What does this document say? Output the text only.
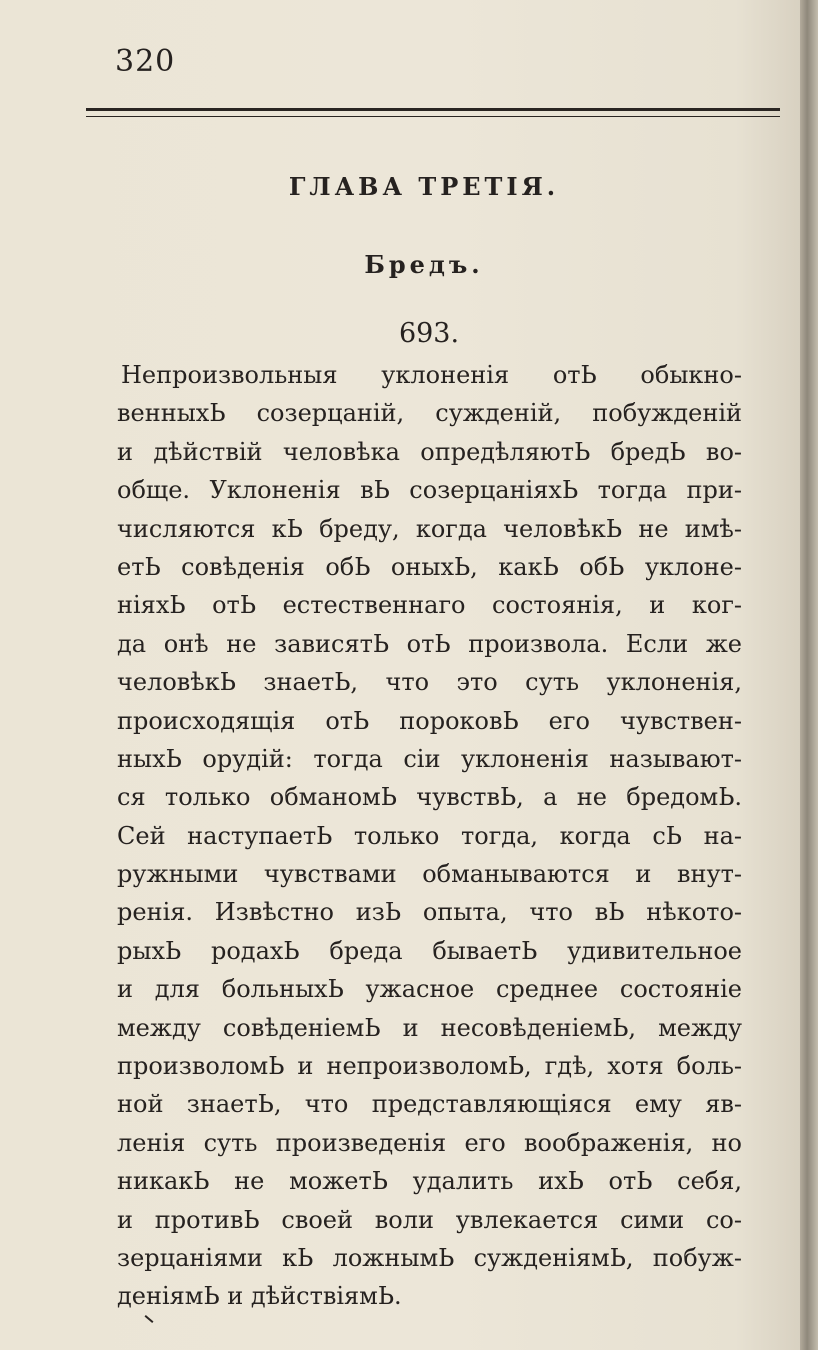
320
ГЛАВА ТРЕТІЯ.
Бредъ.
693.
Непроизвольныя уклоненія отЬ обыкно-
венныхЬ созерцаній, сужденій, побужденій
и дѣйствій человѣка опредѣляютЬ бредЬ во-
обще. Уклоненія вЬ созерцаніяхЬ тогда при-
числяются кЬ бреду, когда человѣкЬ не имѣ-
етЬ совѣденія обЬ оныхЬ, какЬ обЬ уклоне-
ніяхЬ отЬ естественнаго состоянія, и ког-
да онѣ не зависятЬ отЬ произвола. Если же
человѣкЬ знаетЬ, что это суть уклоненія,
происходящія отЬ пороковЬ его чувствен-
ныхЬ орудій: тогда сіи уклоненія называют-
ся только обманомЬ чувствЬ, а не бредомЬ.
Сей наступаетЬ только тогда, когда сЬ на-
ружными чувствами обманываются и внут-
ренія. Извѣстно изЬ опыта, что вЬ нѣкото-
рыхЬ родахЬ бреда бываетЬ удивительное
и для больныхЬ ужасное среднее состояніе
между совѣденіемЬ и несовѣденіемЬ, между
произволомЬ и непроизволомЬ, гдѣ, хотя боль-
ной знаетЬ, что представляющіяся ему яв-
ленія суть произведенія его воображенія, но
никакЬ не можетЬ удалить ихЬ отЬ себя,
и противЬ своей воли увлекается сими со-
зерцаніями кЬ ложнымЬ сужденіямЬ, побуж-
деніямЬ и дѣйствіямЬ.
